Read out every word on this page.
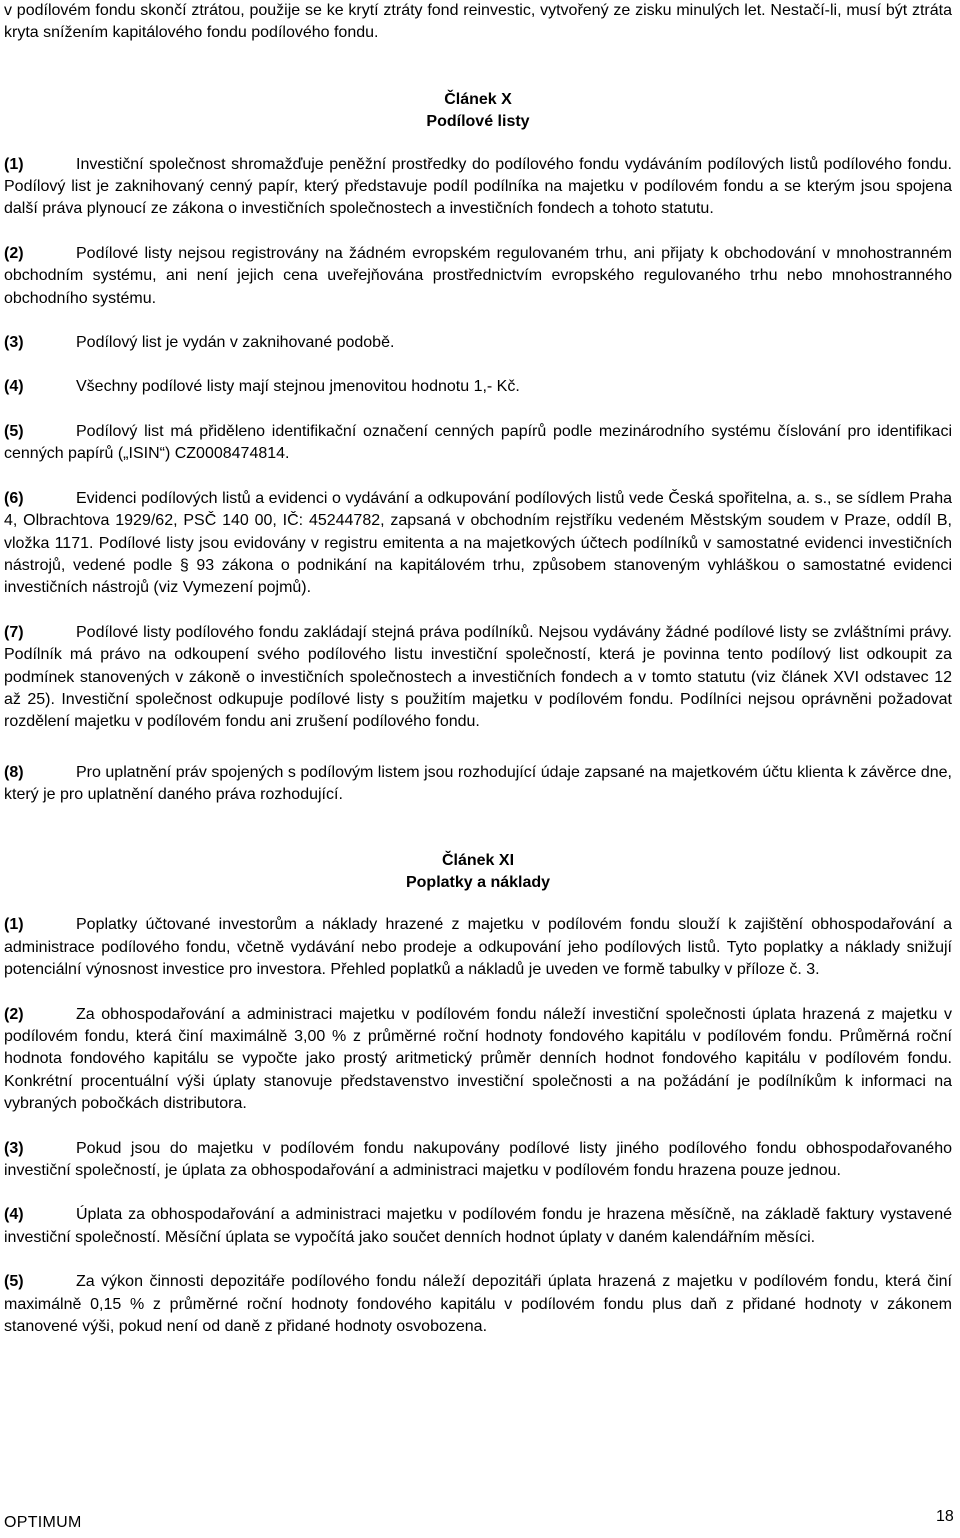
v podílovém fondu skončí ztrátou, použije se ke krytí ztráty fond reinvestic, vytvořený ze zisku minulých let. Nestačí-li, musí být ztráta kryta snížením kapitálového fondu podílového fondu.

Článek X
Podílové listy

(1)	Investiční společnost shromažďuje peněžní prostředky do podílového fondu vydáváním podílových listů podílového fondu. Podílový list je zaknihovaný cenný papír, který představuje podíl podílníka na majetku v podílovém fondu a se kterým jsou spojena další práva plynoucí ze zákona o investičních společnostech a investičních fondech a tohoto statutu.

(2)	Podílové listy nejsou registrovány na žádném evropském regulovaném trhu, ani přijaty k obchodování v mnohostranném obchodním systému, ani není jejich cena uveřejňována prostřednictvím evropského regulovaného trhu nebo mnohostranného obchodního systému.

(3)	Podílový list je vydán v zaknihované podobě.

(4)	Všechny podílové listy mají stejnou jmenovitou hodnotu 1,- Kč.

(5)	Podílový list má přiděleno identifikační označení cenných papírů podle mezinárodního systému číslování pro identifikaci cenných papírů („ISIN“) CZ0008474814.

(6)	Evidenci podílových listů a evidenci o vydávání a odkupování podílových listů vede Česká spořitelna, a. s., se sídlem Praha 4, Olbrachtova 1929/62, PSČ 140 00, IČ: 45244782, zapsaná v obchodním rejstříku vedeném Městským soudem v Praze, oddíl B, vložka 1171. Podílové listy jsou evidovány v registru emitenta a na majetkových účtech podílníků v samostatné evidenci investičních nástrojů, vedené podle § 93 zákona o podnikání na kapitálovém trhu, způsobem stanoveným vyhláškou o samostatné evidenci investičních nástrojů (viz Vymezení pojmů).

(7)	Podílové listy podílového fondu zakládají stejná práva podílníků. Nejsou vydávány žádné podílové listy se zvláštními právy. Podílník má právo na odkoupení svého podílového listu investiční společností, která je povinna tento podílový list odkoupit za podmínek stanovených v zákoně o investičních společnostech a investičních fondech a v tomto statutu (viz článek XVI odstavec 12 až 25). Investiční společnost odkupuje podílové listy s použitím majetku v podílovém fondu. Podílníci nejsou oprávněni požadovat rozdělení majetku v podílovém fondu ani zrušení podílového fondu.

(8)	Pro uplatnění práv spojených s podílovým listem jsou rozhodující údaje zapsané na majetkovém účtu klienta k závěrce dne, který je pro uplatnění daného práva rozhodující.

Článek XI
Poplatky a náklady

(1)	Poplatky účtované investorům a náklady hrazené z majetku v podílovém fondu slouží k zajištění obhospodařování a administrace podílového fondu, včetně vydávání nebo prodeje a odkupování jeho podílových listů. Tyto poplatky a náklady snižují potenciální výnosnost investice pro investora. Přehled poplatků a nákladů je uveden ve formě tabulky v příloze č. 3.

(2)	Za obhospodařování a administraci majetku v podílovém fondu náleží investiční společnosti úplata hrazená z majetku v podílovém fondu, která činí maximálně 3,00 % z průměrné roční hodnoty fondového kapitálu v podílovém fondu. Průměrná roční hodnota fondového kapitálu se vypočte jako prostý aritmetický průměr denních hodnot fondového kapitálu v podílovém fondu. Konkrétní procentuální výši úplaty stanovuje představenstvo investiční společnosti a na požádání je podílníkům k informaci na vybraných pobočkách distributora.

(3)	Pokud jsou do majetku v podílovém fondu nakupovány podílové listy jiného podílového fondu obhospodařovaného investiční společností, je úplata za obhospodařování a administraci majetku v podílovém fondu hrazena pouze jednou.

(4)	Úplata za obhospodařování a administraci majetku v podílovém fondu je hrazena měsíčně, na základě faktury vystavené investiční společností. Měsíční úplata se vypočítá jako součet denních hodnot úplaty v daném kalendářním měsíci.

(5)	Za výkon činnosti depozitáře podílového fondu náleží depozitáři úplata hrazená z majetku v podílovém fondu, která činí maximálně 0,15 % z průměrné roční hodnoty fondového kapitálu v podílovém fondu plus daň z přidané hodnoty v zákonem stanovené výši, pokud není od daně z přidané hodnoty osvobozena.

OPTIMUM	18
